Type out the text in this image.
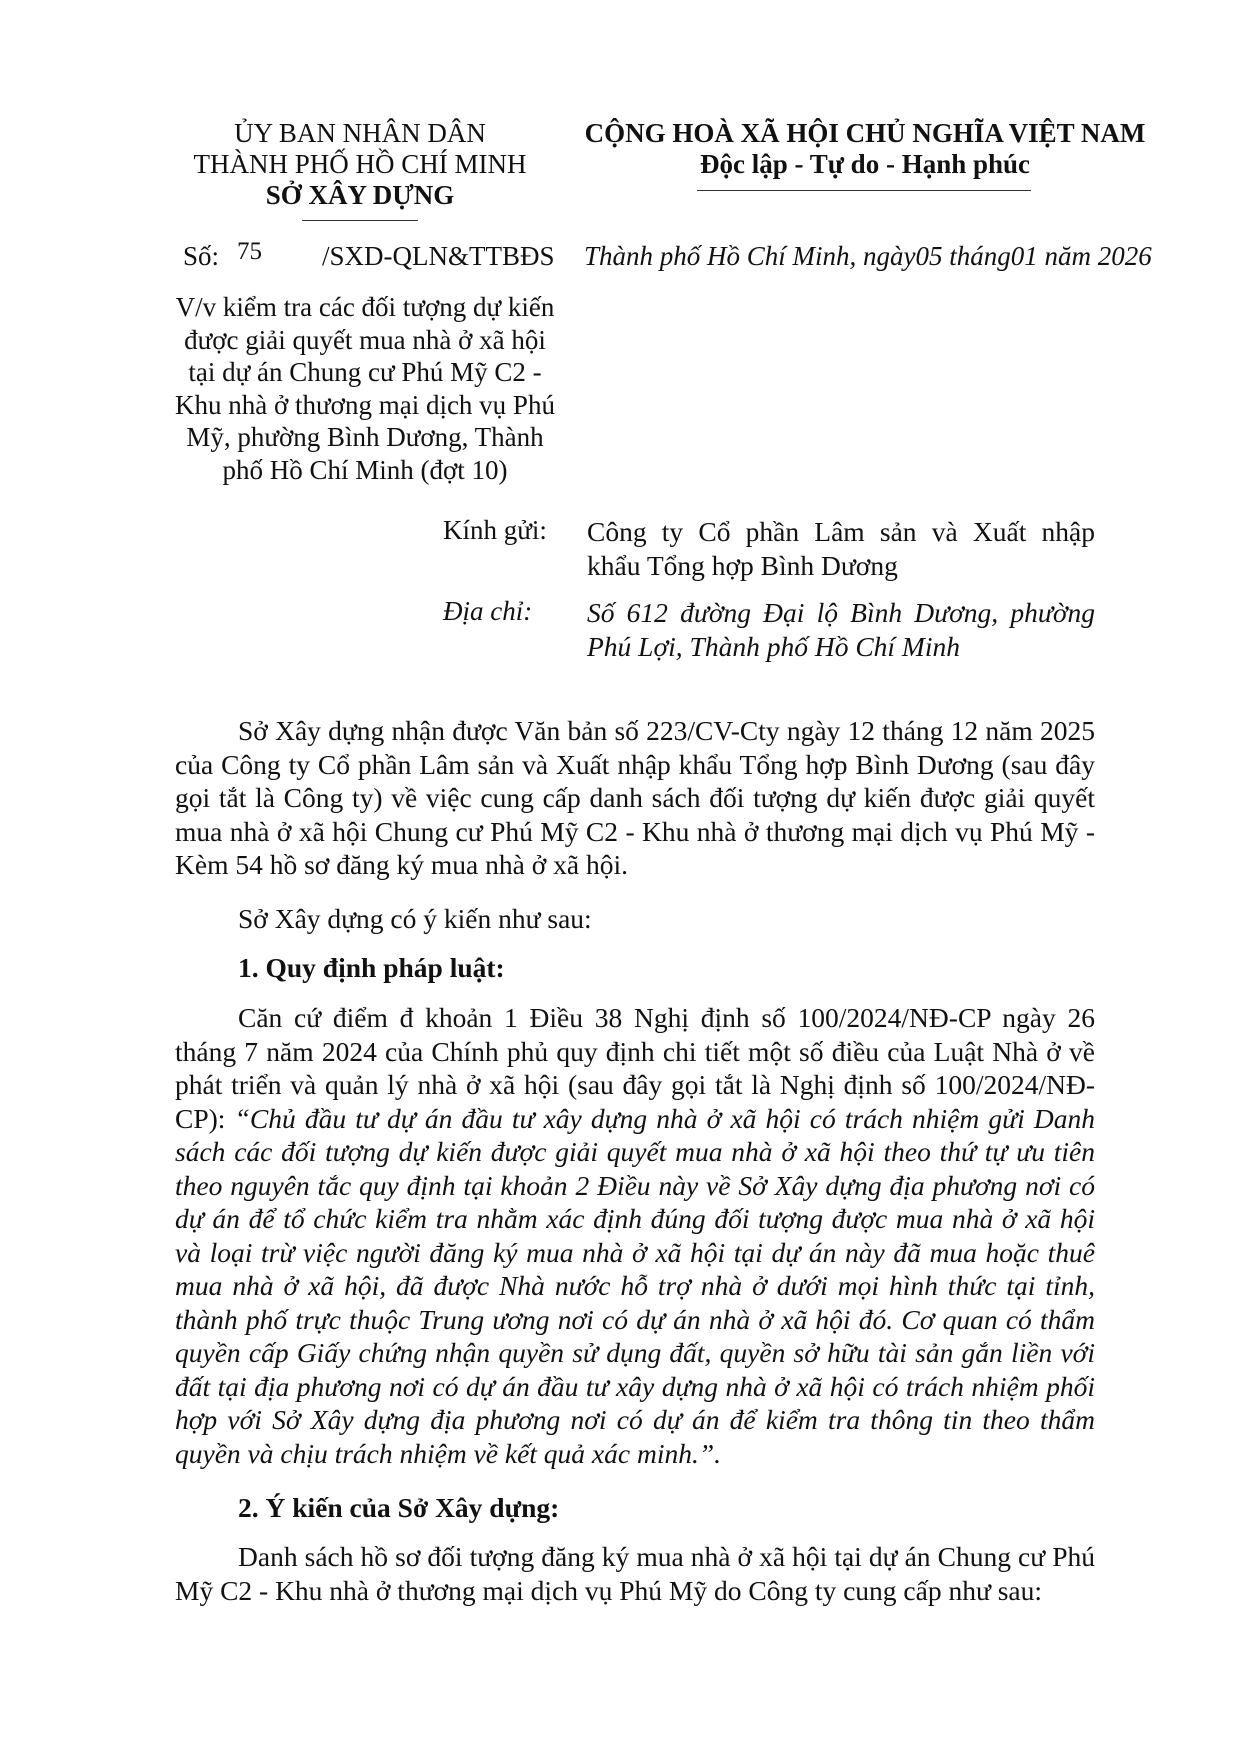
ỦY BAN NHÂN DÂN
THÀNH PHỐ HỒ CHÍ MINH
SỞ XÂY DỰNG
CỘNG HOÀ XÃ HỘI CHỦ NGHĨA VIỆT NAM
Độc lập - Tự do - Hạnh phúc
Số: 75 /SXD-QLN&TTBĐS Thành phố Hồ Chí Minh, ngày05 tháng01 năm 2026
V/v kiểm tra các đối tượng dự kiến
được giải quyết mua nhà ở xã hội
tại dự án Chung cư Phú Mỹ C2 -
Khu nhà ở thương mại dịch vụ Phú
Mỹ, phường Bình Dương, Thành
phố Hồ Chí Minh (đợt 10)
Kính gửi: Công ty Cổ phần Lâm sản và Xuất nhập
khẩu Tổng hợp Bình Dương
Địa chỉ: Số 612 đường Đại lộ Bình Dương, phường
Phú Lợi, Thành phố Hồ Chí Minh
Sở Xây dựng nhận được Văn bản số 223/CV-Cty ngày 12 tháng 12 năm 2025 của Công ty Cổ phần Lâm sản và Xuất nhập khẩu Tổng hợp Bình Dương (sau đây gọi tắt là Công ty) về việc cung cấp danh sách đối tượng dự kiến được giải quyết mua nhà ở xã hội Chung cư Phú Mỹ C2 - Khu nhà ở thương mại dịch vụ Phú Mỹ - Kèm 54 hồ sơ đăng ký mua nhà ở xã hội.
Sở Xây dựng có ý kiến như sau:
1. Quy định pháp luật:
Căn cứ điểm đ khoản 1 Điều 38 Nghị định số 100/2024/NĐ-CP ngày 26 tháng 7 năm 2024 của Chính phủ quy định chi tiết một số điều của Luật Nhà ở về phát triển và quản lý nhà ở xã hội (sau đây gọi tắt là Nghị định số 100/2024/NĐ-CP): “Chủ đầu tư dự án đầu tư xây dựng nhà ở xã hội có trách nhiệm gửi Danh sách các đối tượng dự kiến được giải quyết mua nhà ở xã hội theo thứ tự ưu tiên theo nguyên tắc quy định tại khoản 2 Điều này về Sở Xây dựng địa phương nơi có dự án để tổ chức kiểm tra nhằm xác định đúng đối tượng được mua nhà ở xã hội và loại trừ việc người đăng ký mua nhà ở xã hội tại dự án này đã mua hoặc thuê mua nhà ở xã hội, đã được Nhà nước hỗ trợ nhà ở dưới mọi hình thức tại tỉnh, thành phố trực thuộc Trung ương nơi có dự án nhà ở xã hội đó. Cơ quan có thẩm quyền cấp Giấy chứng nhận quyền sử dụng đất, quyền sở hữu tài sản gắn liền với đất tại địa phương nơi có dự án đầu tư xây dựng nhà ở xã hội có trách nhiệm phối hợp với Sở Xây dựng địa phương nơi có dự án để kiểm tra thông tin theo thẩm quyền và chịu trách nhiệm về kết quả xác minh.”.
2. Ý kiến của Sở Xây dựng:
Danh sách hồ sơ đối tượng đăng ký mua nhà ở xã hội tại dự án Chung cư Phú Mỹ C2 - Khu nhà ở thương mại dịch vụ Phú Mỹ do Công ty cung cấp như sau:
